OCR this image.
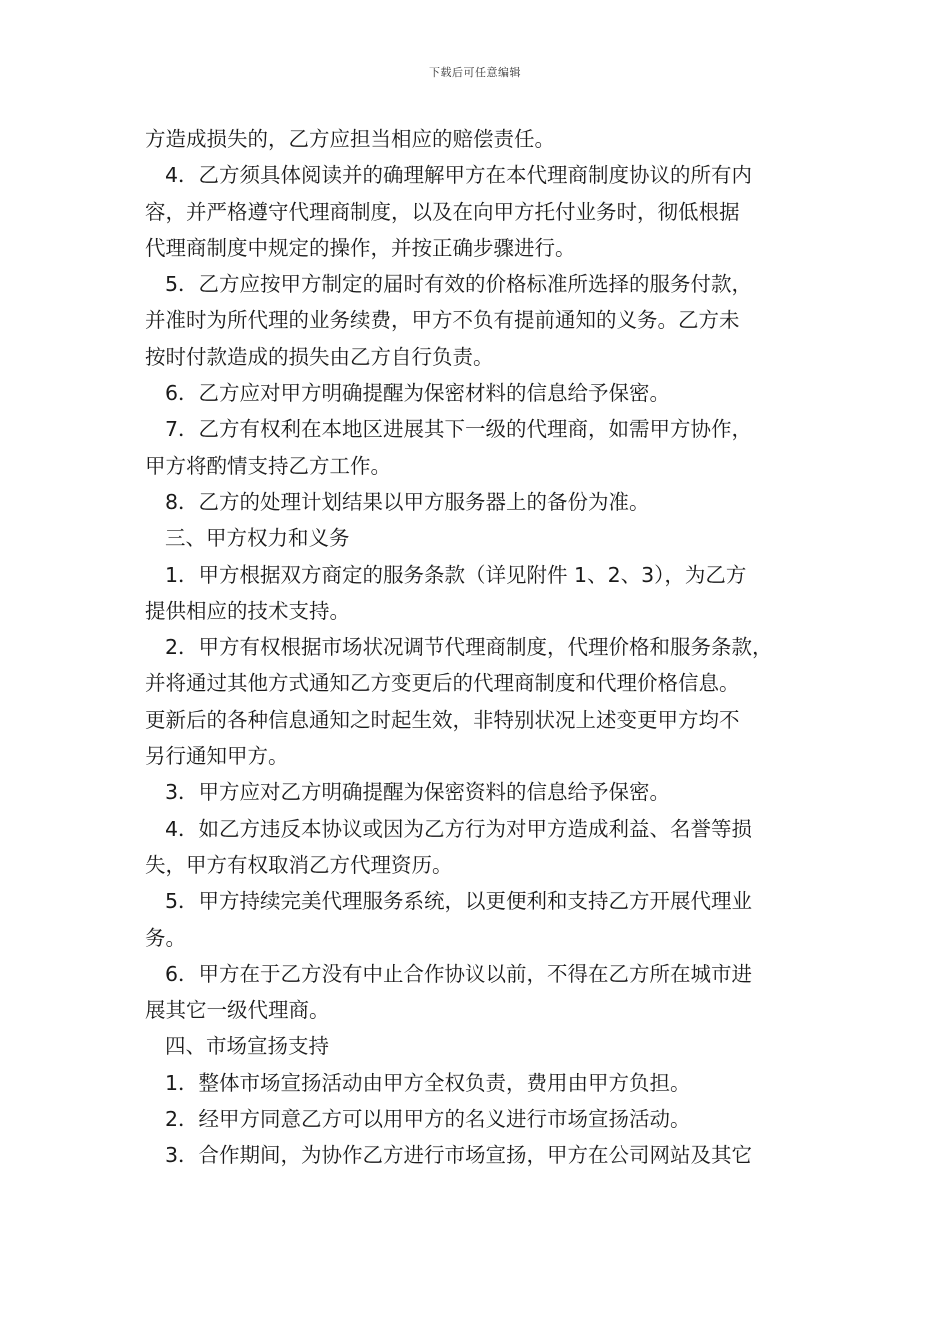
下载后可任意编辑
方造成损失的，乙方应担当相应的赔偿责任。
4．乙方须具体阅读并的确理解甲方在本代理商制度协议的所有内
容，并严格遵守代理商制度，以及在向甲方托付业务时，彻低根据
代理商制度中规定的操作，并按正确步骤进行。
5．乙方应按甲方制定的届时有效的价格标准所选择的服务付款，
并准时为所代理的业务续费，甲方不负有提前通知的义务。乙方未
按时付款造成的损失由乙方自行负责。
6．乙方应对甲方明确提醒为保密材料的信息给予保密。
7．乙方有权利在本地区进展其下一级的代理商，如需甲方协作，
甲方将酌情支持乙方工作。
8．乙方的处理计划结果以甲方服务器上的备份为准。
三、甲方权力和义务
1．甲方根据双方商定的服务条款（详见附件 1、2、3），为乙方
提供相应的技术支持。
2．甲方有权根据市场状况调节代理商制度，代理价格和服务条款，
并将通过其他方式通知乙方变更后的代理商制度和代理价格信息。
更新后的各种信息通知之时起生效，非特别状况上述变更甲方均不
另行通知甲方。
3．甲方应对乙方明确提醒为保密资料的信息给予保密。
4．如乙方违反本协议或因为乙方行为对甲方造成利益、名誉等损
失，甲方有权取消乙方代理资历。
5．甲方持续完美代理服务系统，以更便利和支持乙方开展代理业
务。
6．甲方在于乙方没有中止合作协议以前，不得在乙方所在城市进
展其它一级代理商。
四、市场宣扬支持
1．整体市场宣扬活动由甲方全权负责，费用由甲方负担。
2．经甲方同意乙方可以用甲方的名义进行市场宣扬活动。
3．合作期间，为协作乙方进行市场宣扬，甲方在公司网站及其它
